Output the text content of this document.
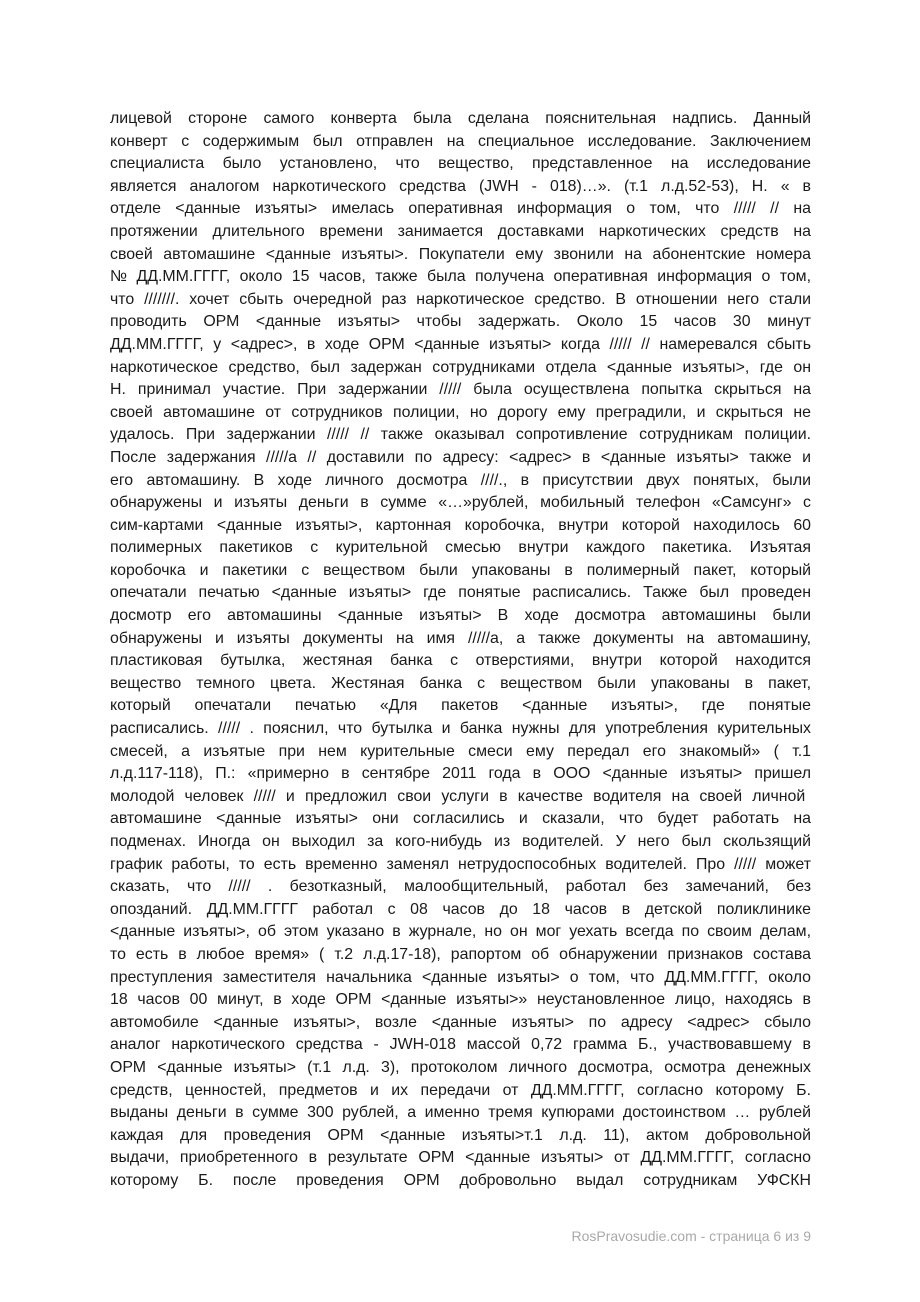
лицевой стороне самого конверта была сделана пояснительная надпись. Данный
конверт с содержимым был отправлен на специальное исследование. Заключением
специалиста было установлено, что вещество, представленное на исследование
является аналогом наркотического средства (JWH - 018)…». (т.1 л.д.52-53), Н. « в
отделе <данные изъяты> имелась оперативная информация о том, что ///// // на
протяжении длительного времени занимается доставками наркотических средств на
своей автомашине <данные изъяты>. Покупатели ему звонили на абонентские номера
№ ДД.ММ.ГГГГ, около 15 часов, также была получена оперативная информация о том,
что ///////. хочет сбыть очередной раз наркотическое средство. В отношении него стали
проводить ОРМ <данные изъяты> чтобы задержать. Около 15 часов 30 минут
ДД.ММ.ГГГГ, у <адрес>, в ходе ОРМ <данные изъяты> когда ///// // намеревался сбыть
наркотическое средство, был задержан сотрудниками отдела <данные изъяты>, где он
Н. принимал участие. При задержании ///// была осуществлена попытка скрыться на
своей автомашине от сотрудников полиции, но дорогу ему преградили, и скрыться не
удалось. При задержании ///// // также оказывал сопротивление сотрудникам полиции.
После задержания /////а // доставили по адресу: <адрес> в <данные изъяты> также и
его автомашину. В ходе личного досмотра ////., в присутствии двух понятых, были
обнаружены и изъяты деньги в сумме «…»рублей, мобильный телефон «Самсунг» с
сим-картами <данные изъяты>, картонная коробочка, внутри которой находилось 60
полимерных пакетиков с курительной смесью внутри каждого пакетика. Изъятая
коробочка и пакетики с веществом были упакованы в полимерный пакет, который
опечатали печатью <данные изъяты> где понятые расписались. Также был проведен
досмотр его автомашины <данные изъяты> В ходе досмотра автомашины были
обнаружены и изъяты документы на имя /////а, а также документы на автомашину,
пластиковая бутылка, жестяная банка с отверстиями, внутри которой находится
вещество темного цвета. Жестяная банка с веществом были упакованы в пакет,
который опечатали печатью «Для пакетов <данные изъяты>, где понятые
расписались. ///// . пояснил, что бутылка и банка нужны для употребления курительных
смесей, а изъятые при нем курительные смеси ему передал его знакомый» ( т.1
л.д.117-118), П.: «примерно в сентябре 2011 года в ООО <данные изъяты> пришел
молодой человек ///// и предложил свои услуги в качестве водителя на своей личной
автомашине <данные изъяты> они согласились и сказали, что будет работать на
подменах. Иногда он выходил за кого-нибудь из водителей. У него был скользящий
график работы, то есть временно заменял нетрудоспособных водителей. Про ///// может
сказать, что ///// . безотказный, малообщительный, работал без замечаний, без
опозданий. ДД.ММ.ГГГГ работал с 08 часов до 18 часов в детской поликлинике
<данные изъяты>, об этом указано в журнале, но он мог уехать всегда по своим делам,
то есть в любое время» ( т.2 л.д.17-18), рапортом об обнаружении признаков состава
преступления заместителя начальника <данные изъяты> о том, что ДД.ММ.ГГГГ, около
18 часов 00 минут, в ходе ОРМ <данные изъяты>» неустановленное лицо, находясь в
автомобиле <данные изъяты>, возле <данные изъяты> по адресу <адрес> сбыло
аналог наркотического средства - JWH-018 массой 0,72 грамма Б., участвовавшему в
ОРМ <данные изъяты> (т.1 л.д. 3), протоколом личного досмотра, осмотра денежных
средств, ценностей, предметов и их передачи от ДД.ММ.ГГГГ, согласно которому Б.
выданы деньги в сумме 300 рублей, а именно тремя купюрами достоинством … рублей
каждая для проведения ОРМ <данные изъяты>т.1 л.д. 11), актом добровольной
выдачи, приобретенного в результате ОРМ <данные изъяты> от ДД.ММ.ГГГГ, согласно
которому Б. после проведения ОРМ добровольно выдал сотрудникам УФСКН
RosPravosudie.com - страница 6 из 9
